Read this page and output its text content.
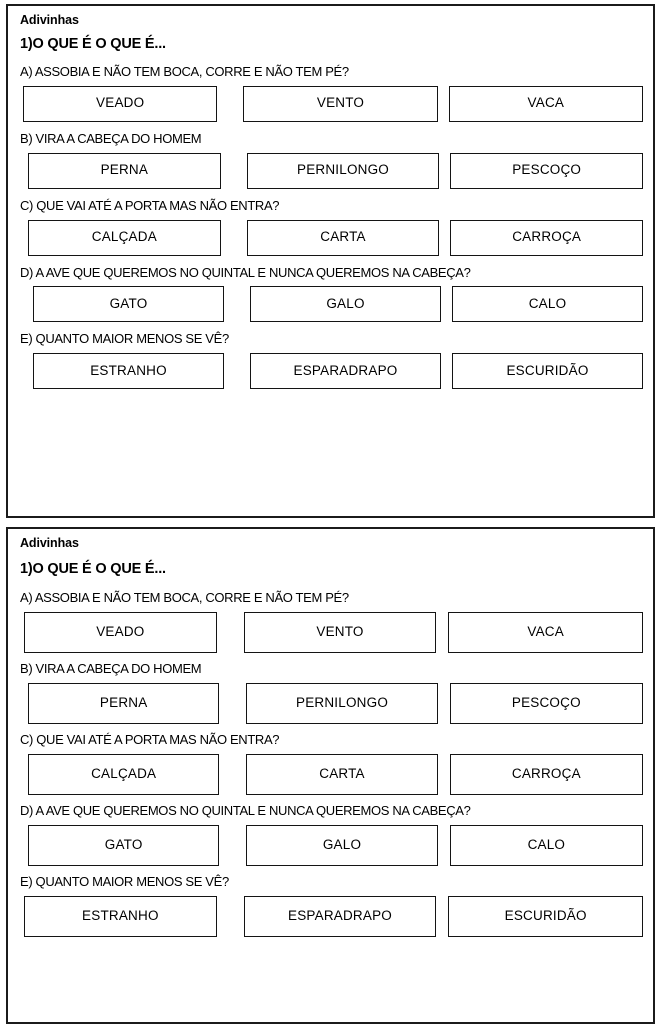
Adivinhas
1)O QUE É O QUE É...
A) ASSOBIA E NÃO TEM BOCA, CORRE E NÃO TEM PÉ?
VEADO	VENTO	VACA
B) VIRA A CABEÇA DO HOMEM
PERNA	PERNILONGO	PESCOÇO
C) QUE VAI ATÉ A PORTA MAS NÃO ENTRA?
CALÇADA	CARTA	CARROÇA
D) A AVE QUE QUEREMOS NO QUINTAL E NUNCA QUEREMOS NA CABEÇA?
GATO	GALO	CALO
E) QUANTO MAIOR MENOS SE VÊ?
ESTRANHO	ESPARADRAPO	ESCURIDÃO
Adivinhas
1)O QUE É O QUE É...
A) ASSOBIA E NÃO TEM BOCA, CORRE E NÃO TEM PÉ?
VEADO	VENTO	VACA
B) VIRA A CABEÇA DO HOMEM
PERNA	PERNILONGO	PESCOÇO
C) QUE VAI ATÉ A PORTA MAS NÃO ENTRA?
CALÇADA	CARTA	CARROÇA
D) A AVE QUE QUEREMOS NO QUINTAL E NUNCA QUEREMOS NA CABEÇA?
GATO	GALO	CALO
E) QUANTO MAIOR MENOS SE VÊ?
ESTRANHO	ESPARADRAPO	ESCURIDÃO
